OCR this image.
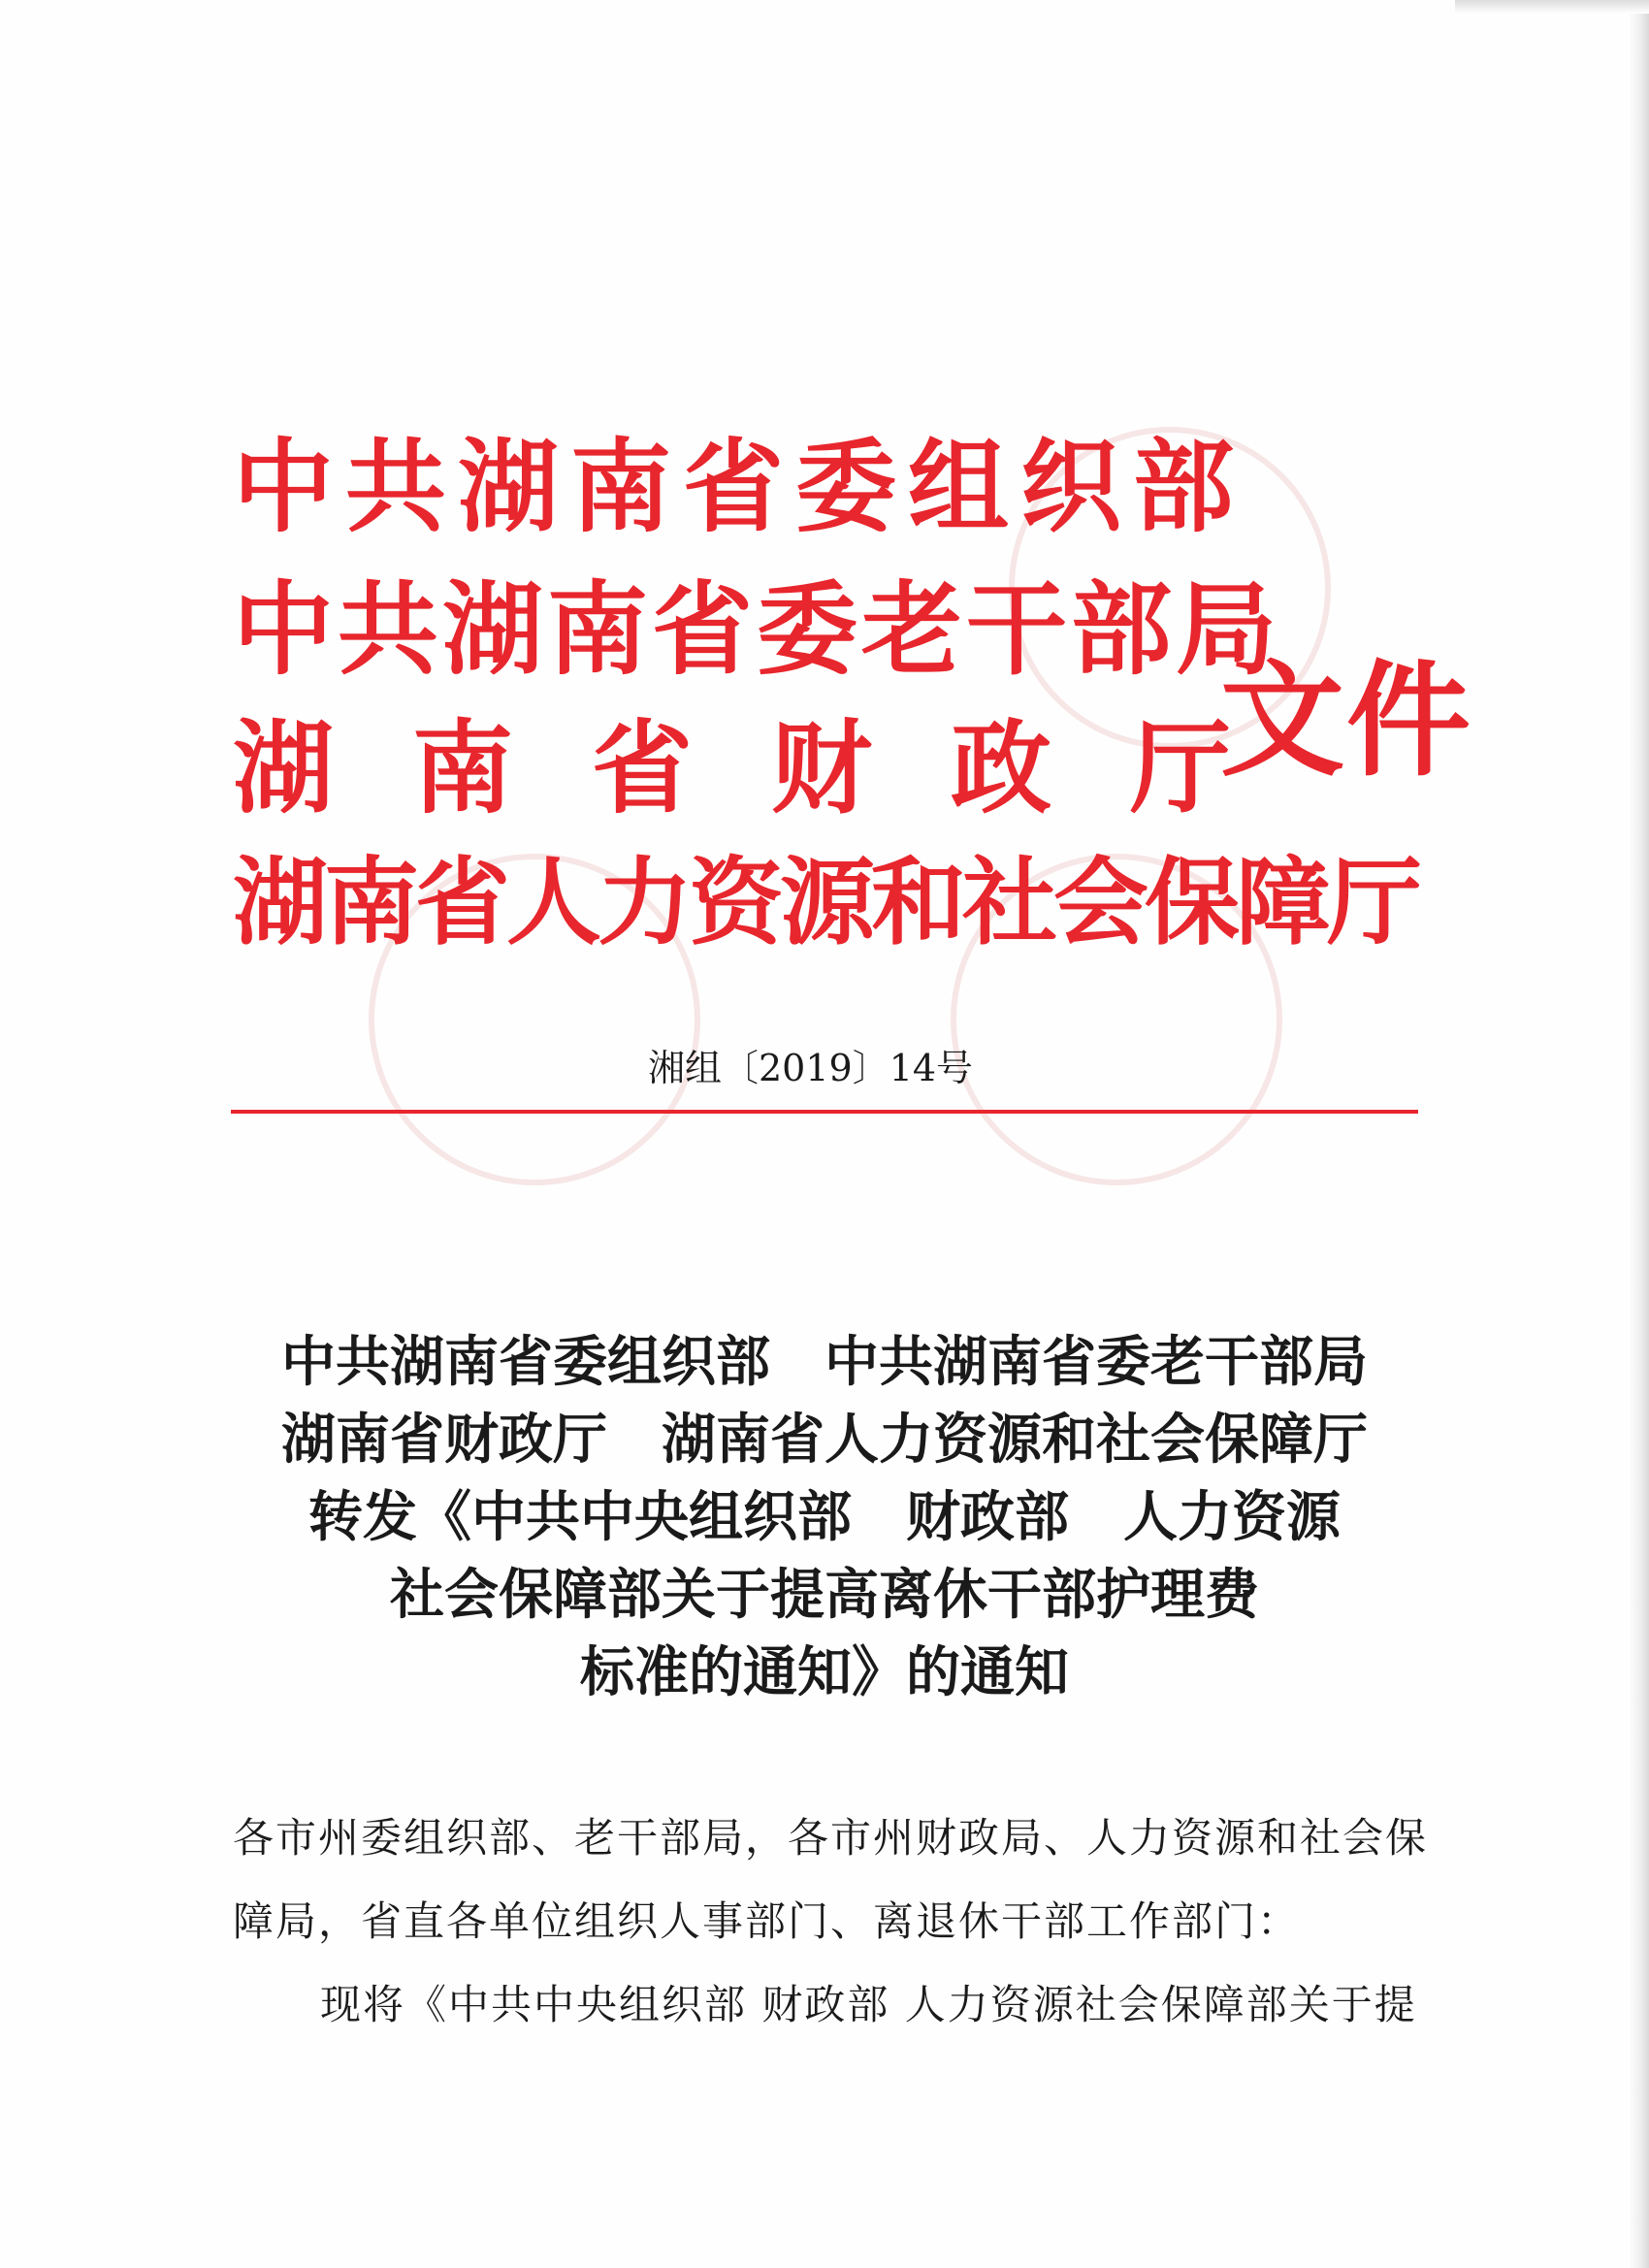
中共湖南省委组织部
中共湖南省委老干部局
湖南省财政厅
湖南省人力资源和社会保障厅
文件
湘组〔2019〕14号
中共湖南省委组织部　中共湖南省委老干部局
湖南省财政厅　湖南省人力资源和社会保障厅
转发《中共中央组织部　财政部　人力资源
社会保障部关于提高离休干部护理费
标准的通知》的通知
各市州委组织部、老干部局，各市州财政局、人力资源和社会保
障局，省直各单位组织人事部门、离退休干部工作部门：
现将《中共中央组织部 财政部 人力资源社会保障部关于提
